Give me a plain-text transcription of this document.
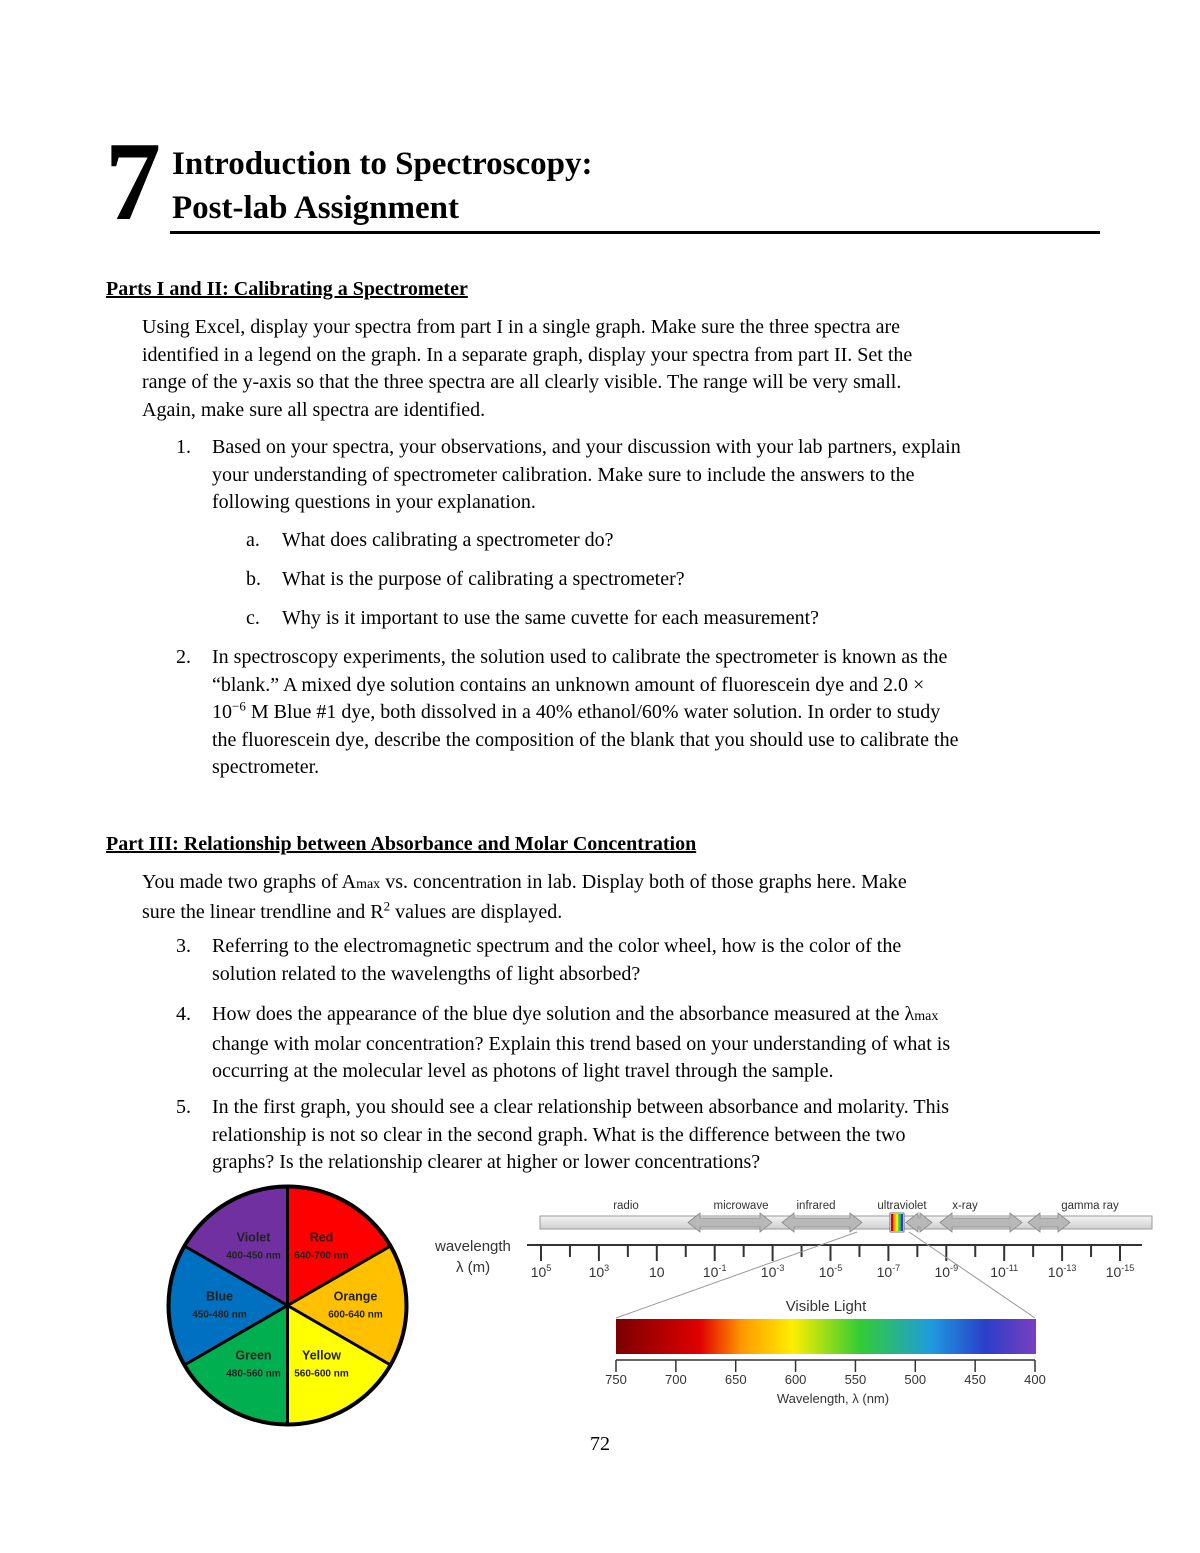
7 Introduction to Spectroscopy:
Post-lab Assignment
Parts I and II: Calibrating a Spectrometer
Using Excel, display your spectra from part I in a single graph. Make sure the three spectra are
identified in a legend on the graph. In a separate graph, display your spectra from part II. Set the
range of the y-axis so that the three spectra are all clearly visible. The range will be very small.
Again, make sure all spectra are identified.
1.	Based on your spectra, your observations, and your discussion with your lab partners, explain
your understanding of spectrometer calibration. Make sure to include the answers to the
following questions in your explanation.
a. What does calibrating a spectrometer do?
b. What is the purpose of calibrating a spectrometer?
c. Why is it important to use the same cuvette for each measurement?
2.	In spectroscopy experiments, the solution used to calibrate the spectrometer is known as the
“blank.” A mixed dye solution contains an unknown amount of fluorescein dye and 2.0 ×
$10^{-6}$ M Blue #1 dye, both dissolved in a 40% ethanol/60% water solution. In order to study
the fluorescein dye, describe the composition of the blank that you should use to calibrate the
spectrometer.
Part III: Relationship between Absorbance and Molar Concentration
You made two graphs of Amax vs. concentration in lab. Display both of those graphs here. Make
sure the linear trendline and $R^2$ values are displayed.
3.	Referring to the electromagnetic spectrum and the color wheel, how is the color of the
solution related to the wavelengths of light absorbed?
4.	How does the appearance of the blue dye solution and the absorbance measured at the λmax
change with molar concentration? Explain this trend based on your understanding of what is
occurring at the molecular level as photons of light travel through the sample.
5.	In the first graph, you should see a clear relationship between absorbance and molarity. This
relationship is not so clear in the second graph. What is the difference between the two
graphs? Is the relationship clearer at higher or lower concentrations?
Violet
400-450 nm
Red
640-700 nm
Orange
600-640 nm
Yellow
560-600 nm
Green
480-560 nm
Blue
450-480 nm
radio	microwave infrared	ultraviolet x-ray	gamma ray
wavelength
λ (m)	$10^5$	$10^3$	10	$10^{-1}$ $10^{-3}$ $10^{-5}$ $10^{-7}$ $10^{-9}$ $10^{-11}$ $10^{-13}$ $10^{-15}$
Visible Light
750	700	650	600	550	500	450	400
Wavelength, λ (nm)
72
